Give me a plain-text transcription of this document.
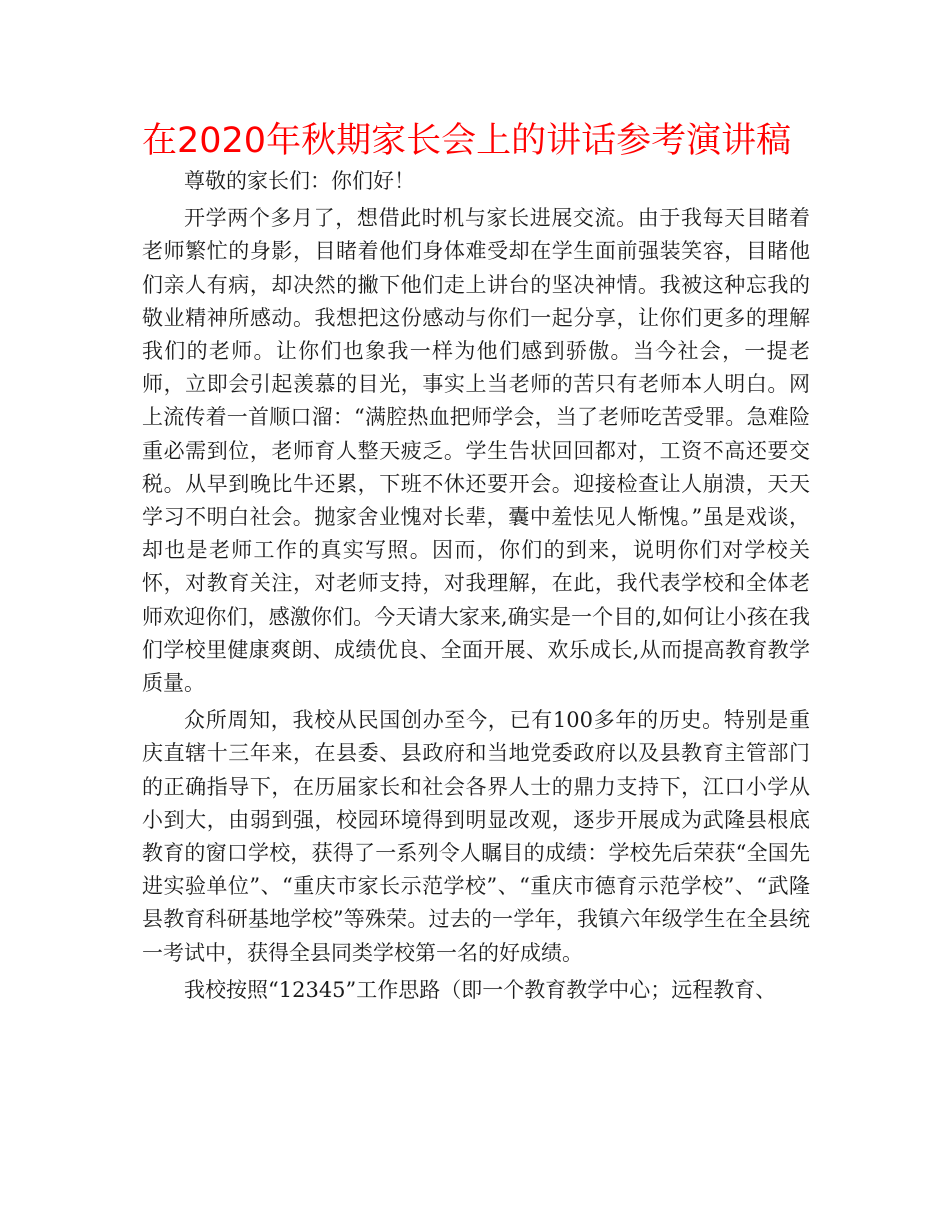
在2020年秋期家长会上的讲话参考演讲稿

尊敬的家长们：你们好！

开学两个多月了，想借此时机与家长进展交流。由于我每天目睹着老师繁忙的身影，目睹着他们身体难受却在学生面前强装笑容，目睹他们亲人有病，却决然的撇下他们走上讲台的坚决神情。我被这种忘我的敬业精神所感动。我想把这份感动与你们一起分享，让你们更多的理解我们的老师。让你们也象我一样为他们感到骄傲。当今社会，一提老师，立即会引起羡慕的目光，事实上当老师的苦只有老师本人明白。网上流传着一首顺口溜：“满腔热血把师学会，当了老师吃苦受罪。急难险重必需到位，老师育人整天疲乏。学生告状回回都对，工资不高还要交税。从早到晚比牛还累，下班不休还要开会。迎接检查让人崩溃，天天学习不明白社会。抛家舍业愧对长辈，囊中羞怯见人惭愧。”虽是戏谈，却也是老师工作的真实写照。因而，你们的到来，说明你们对学校关怀，对教育关注，对老师支持，对我理解，在此，我代表学校和全体老师欢迎你们，感激你们。今天请大家来,确实是一个目的,如何让小孩在我们学校里健康爽朗、成绩优良、全面开展、欢乐成长,从而提高教育教学质量。

众所周知，我校从民国创办至今，已有100多年的历史。特别是重庆直辖十三年来，在县委、县政府和当地党委政府以及县教育主管部门的正确指导下，在历届家长和社会各界人士的鼎力支持下，江口小学从小到大，由弱到强，校园环境得到明显改观，逐步开展成为武隆县根底教育的窗口学校，获得了一系列令人瞩目的成绩：学校先后荣获“全国先进实验单位”、“重庆市家长示范学校”、“重庆市德育示范学校”、“武隆县教育科研基地学校”等殊荣。过去的一学年，我镇六年级学生在全县统一考试中，获得全县同类学校第一名的好成绩。

我校按照“12345”工作思路（即一个教育教学中心；远程教育、
